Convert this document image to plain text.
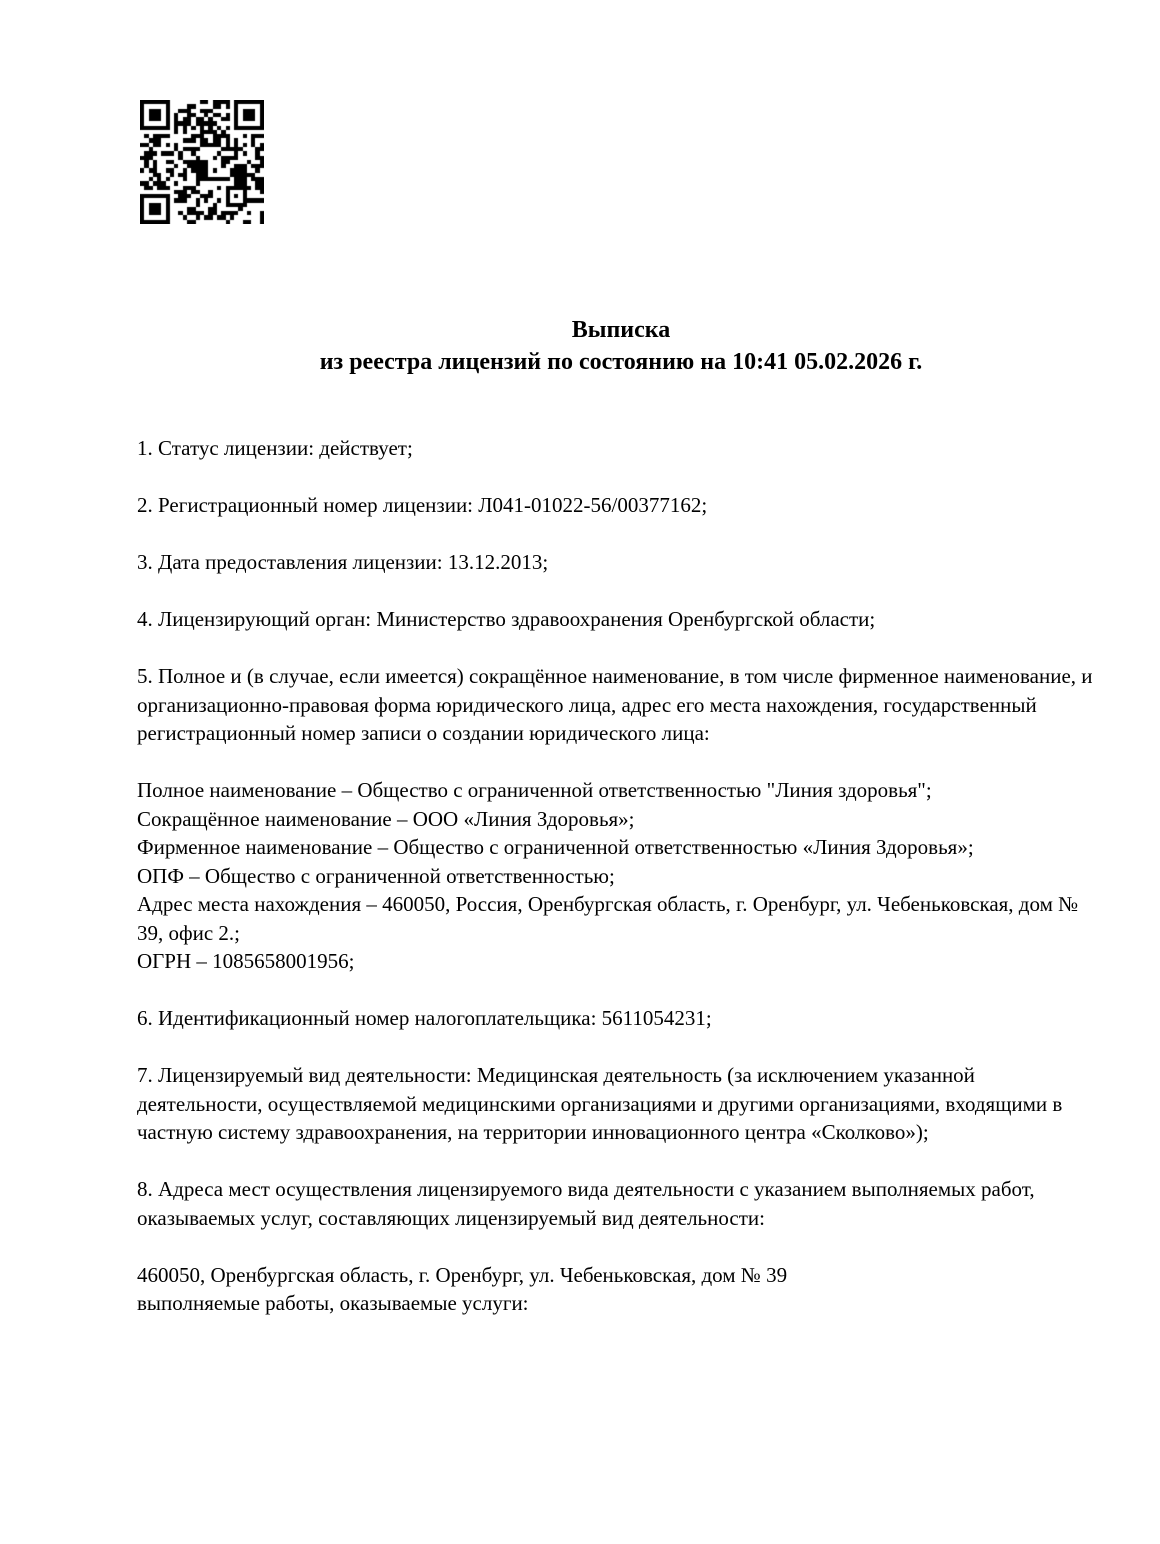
Выписка
из реестра лицензий по состоянию на 10:41 05.02.2026 г.

1. Статус лицензии: действует;

2. Регистрационный номер лицензии: Л041-01022-56/00377162;

3. Дата предоставления лицензии: 13.12.2013;

4. Лицензирующий орган: Министерство здравоохранения Оренбургской области;

5. Полное и (в случае, если имеется) сокращённое наименование, в том числе фирменное наименование, и организационно-правовая форма юридического лица, адрес его места нахождения, государственный регистрационный номер записи о создании юридического лица:

Полное наименование – Общество с ограниченной ответственностью "Линия здоровья";
Сокращённое наименование – ООО «Линия Здоровья»;
Фирменное наименование – Общество с ограниченной ответственностью «Линия Здоровья»;
ОПФ – Общество с ограниченной ответственностью;
Адрес места нахождения – 460050, Россия, Оренбургская область, г. Оренбург, ул. Чебеньковская, дом № 39, офис 2.;
ОГРН – 1085658001956;

6. Идентификационный номер налогоплательщика: 5611054231;

7. Лицензируемый вид деятельности: Медицинская деятельность (за исключением указанной деятельности, осуществляемой медицинскими организациями и другими организациями, входящими в частную систему здравоохранения, на территории инновационного центра «Сколково»);

8. Адреса мест осуществления лицензируемого вида деятельности с указанием выполняемых работ, оказываемых услуг, составляющих лицензируемый вид деятельности:

460050, Оренбургская область, г. Оренбург, ул. Чебеньковская, дом № 39
выполняемые работы, оказываемые услуги:
